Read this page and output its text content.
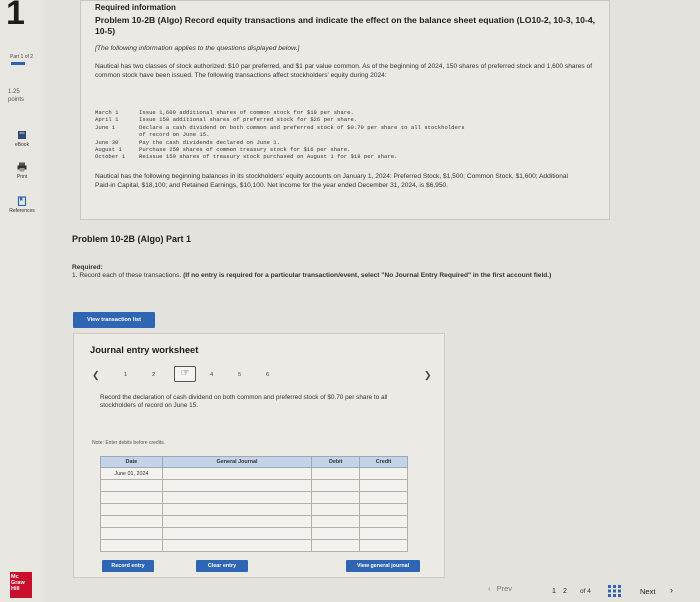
1
Part 1 of 2
1.25
points
eBook
Print
References
Mc
Graw
Hill
Required information
Problem 10-2B (Algo) Record equity transactions and indicate the effect on the balance sheet equation (LO10-2, 10-3, 10-4, 10-5)
[The following information applies to the questions displayed below.]
Nautical has two classes of stock authorized: $10 par preferred, and $1 par value common. As of the beginning of 2024, 150 shares of preferred stock and 1,600 shares of common stock have been issued. The following transactions affect stockholders' equity during 2024:
March 1	Issue 1,600 additional shares of common stock for $19 per share.
April 1	Issue 150 additional shares of preferred stock for $26 per share.
June 1	Declare a cash dividend on both common and preferred stock of $0.70 per share to all stockholders
of record on June 15.
June 30	Pay the cash dividends declared on June 1.
August 1	Purchase 250 shares of common treasury stock for $16 per share.
October 1	Reissue 150 shares of treasury stock purchased on August 1 for $18 per share.
Nautical has the following beginning balances in its stockholders' equity accounts on January 1, 2024: Preferred Stock, $1,500; Common Stock, $1,600; Additional Paid-in Capital, $18,100; and Retained Earnings, $10,100. Net income for the year ended December 31, 2024, is $6,950.
Problem 10-2B (Algo) Part 1
Required:
1. Record each of these transactions. (If no entry is required for a particular transaction/event, select "No Journal Entry Required" in the first account field.)
View transaction list
Journal entry worksheet
❮	1	2	☞	4	5	6	❯
Record the declaration of cash dividend on both common and preferred stock of $0.70 per share to all stockholders of record on June 15.
Note: Enter debits before credits.
Date	General Journal	Debit	Credit
June 01, 2024			

Record entry	Clear entry	View general journal
‹ Prev	1 2 of 4	Next ›
